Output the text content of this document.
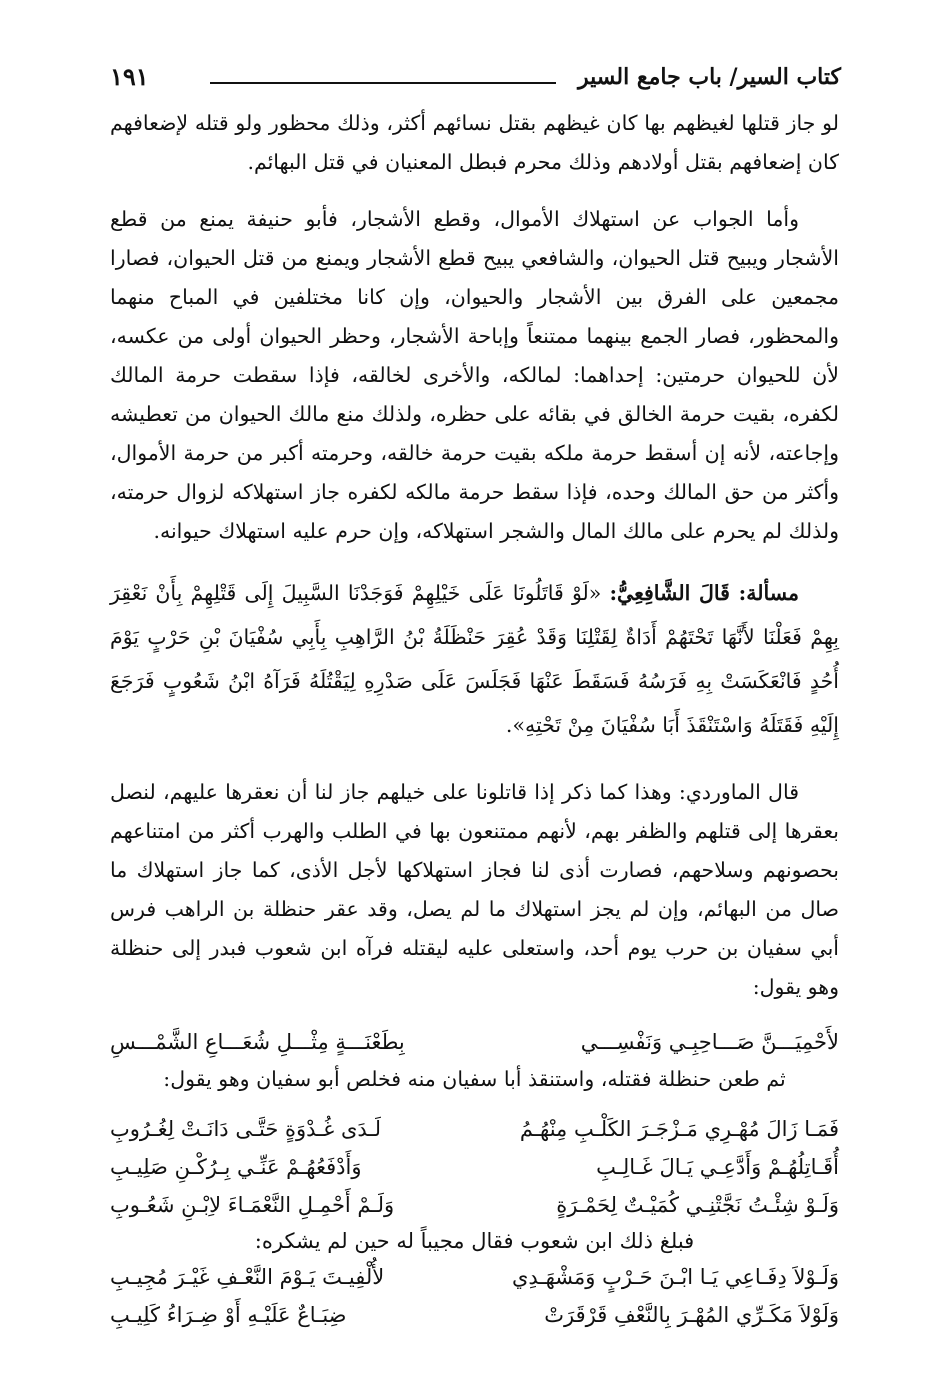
كتاب السير/ باب جامع السير
١٩١

لو جاز قتلها لغيظهم بها كان غيظهم بقتل نسائهم أكثر، وذلك محظور ولو قتله لإضعافهم كان إضعافهم بقتل أولادهم وذلك محرم فبطل المعنيان في قتل البهائم.

وأما الجواب عن استهلاك الأموال، وقطع الأشجار، فأبو حنيفة يمنع من قطع الأشجار ويبيح قتل الحيوان، والشافعي يبيح قطع الأشجار ويمنع من قتل الحيوان، فصارا مجمعين على الفرق بين الأشجار والحيوان، وإن كانا مختلفين في المباح منهما والمحظور، فصار الجمع بينهما ممتنعاً وإباحة الأشجار، وحظر الحيوان أولى من عكسه، لأن للحيوان حرمتين: إحداهما: لمالكه، والأخرى لخالقه، فإذا سقطت حرمة المالك لكفره، بقيت حرمة الخالق في بقائه على حظره، ولذلك منع مالك الحيوان من تعطيشه وإجاعته، لأنه إن أسقط حرمة ملكه بقيت حرمة خالقه، وحرمته أكبر من حرمة الأموال، وأكثر من حق المالك وحده، فإذا سقط حرمة مالكه لكفره جاز استهلاكه لزوال حرمته، ولذلك لم يحرم على مالك المال والشجر استهلاكه، وإن حرم عليه استهلاك حيوانه.

مسألة: قَالَ الشَّافِعِيُّ: «لَوْ قَاتَلُونَا عَلَى خَيْلِهِمْ فَوَجَدْنَا السَّبِيلَ إِلَى قَتْلِهِمْ بِأَنْ نَعْقِرَ بِهِمْ فَعَلْنَا لأَنَّهَا تَحْتَهُمْ أَدَاةٌ لِقَتْلِنَا وَقَدْ عُقِرَ حَنْظَلَةُ بْنُ الرَّاهِبِ بِأَبِي سُفْيَانَ بْنِ حَرْبٍ يَوْمَ أُحُدٍ فَانْعَكَسَتْ بِهِ فَرَسُهُ فَسَقَطَ عَنْهَا فَجَلَسَ عَلَى صَدْرِهِ لِيَقْتُلَهُ فَرَآهُ ابْنُ شَعُوبٍ فَرَجَعَ إِلَيْهِ فَقَتَلَهُ وَاسْتَنْقَذَ أَبَا سُفْيَانَ مِنْ تَحْتِهِ».

قال الماوردي: وهذا كما ذكر إذا قاتلونا على خيلهم جاز لنا أن نعقرها عليهم، لنصل بعقرها إلى قتلهم والظفر بهم، لأنهم ممتنعون بها في الطلب والهرب أكثر من امتناعهم بحصونهم وسلاحهم، فصارت أذى لنا فجاز استهلاكها لأجل الأذى، كما جاز استهلاك ما صال من البهائم، وإن لم يجز استهلاك ما لم يصل، وقد عقر حنظلة بن الراهب فرس أبي سفيان بن حرب يوم أحد، واستعلى عليه ليقتله فرآه ابن شعوب فبدر إلى حنظلة وهو يقول:

لأَحْمِيَـــنَّ صَـــاحِبِـي وَنَفْسِـــي
بِطَعْنَـــةٍ مِثْـــلِ شُعَـــاعِ الشَّمْـــسِ
ثم طعن حنظلة فقتله، واستنقذ أبا سفيان منه فخلص أبو سفيان وهو يقول:
فَمَـا زَالَ مُهْـرِي مَـزْجَـرَ الكَلْـبِ مِنْهُـمُ
لَـدَى غُـدْوَةٍ حَتَّـى دَانَـتْ لِغُـرُوبِ
أُقَـاتِلُهُـمْ وَأَدَّعِـي يَـالَ غَـالِـبِ
وَأَدْفَعُهُـمْ عَنِّـي بِـرُكْـنِ صَلِيـبِ
وَلَـوْ شِئْـتُ نَجَّتْنِـي كُمَيْـتٌ لِحَمْـرَةٍ
وَلَـمْ أَحْمِـلِ النَّعْمَـاءَ لاِبْـنِ شَعُـوبِ
فبلغ ذلك ابن شعوب فقال مجيباً له حين لم يشكره:
وَلَـوْلاَ دِفَـاعِي يَـا ابْـنَ حَـرْبٍ وَمَشْهَـدِي
لأُلْفِيـتَ يَـوْمَ النَّعْـفِ غَيْـرَ مُجِيـبِ
وَلَوْلاَ مَكَـرِّي المُهْـرَ بِالنَّعْفِ قَرْقَرَتْ
ضِبَـاعٌ عَلَيْـهِ أَوْ ضِـرَاءُ كَلِيـبِ
